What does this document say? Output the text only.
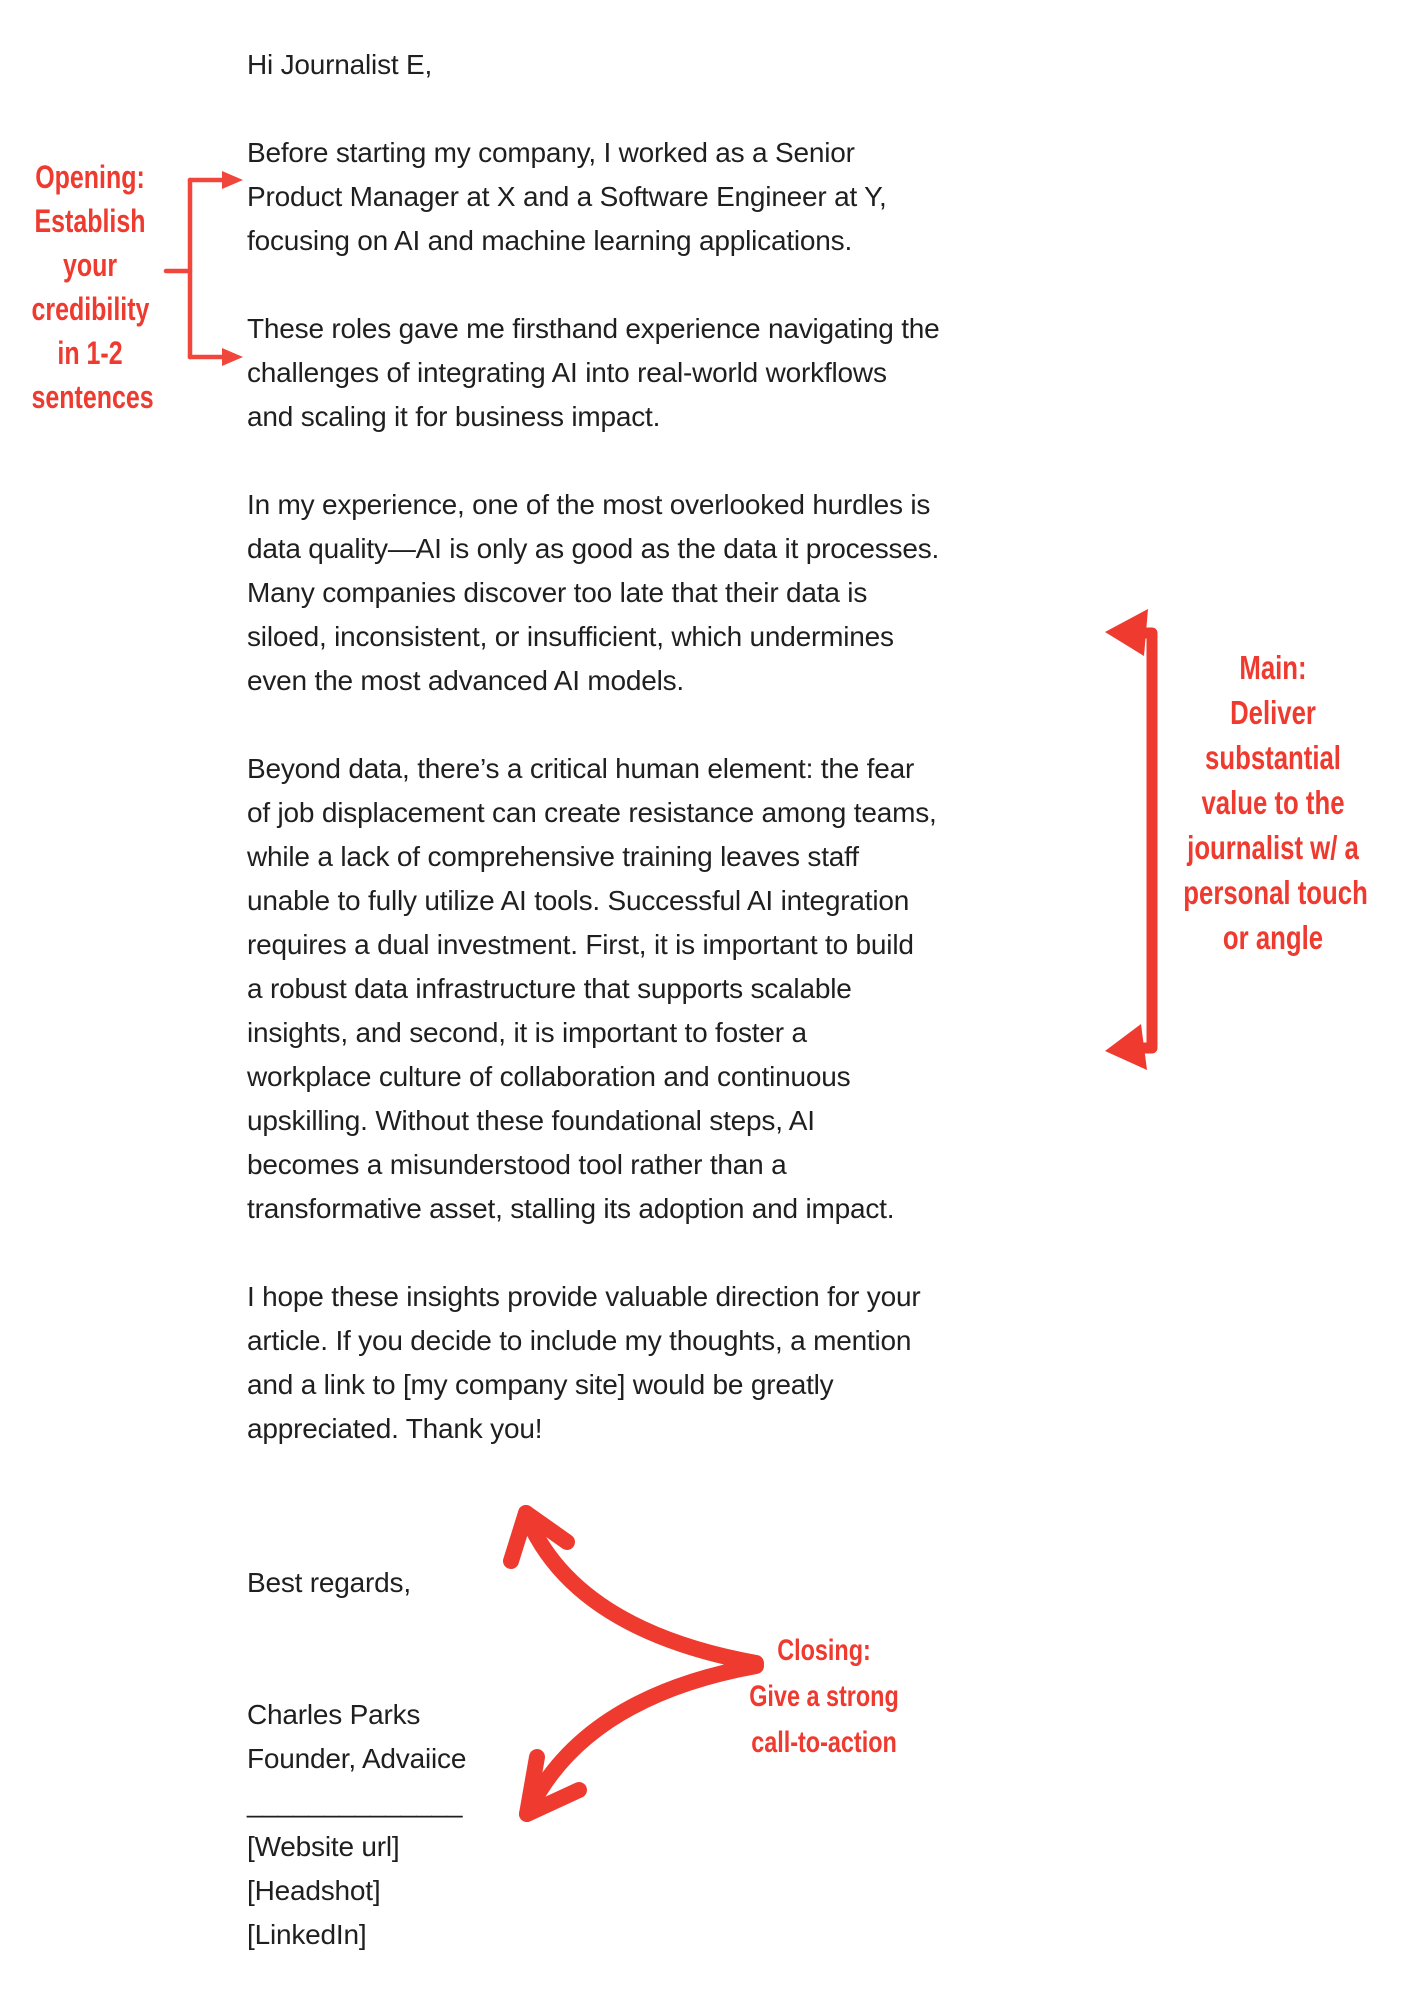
Hi Journalist E,
Before starting my company, I worked as a Senior
Product Manager at X and a Software Engineer at Y,
focusing on AI and machine learning applications.
These roles gave me firsthand experience navigating the
challenges of integrating AI into real-world workflows
and scaling it for business impact.
In my experience, one of the most overlooked hurdles is
data quality—AI is only as good as the data it processes.
Many companies discover too late that their data is
siloed, inconsistent, or insufficient, which undermines
even the most advanced AI models.
Beyond data, there’s a critical human element: the fear
of job displacement can create resistance among teams,
while a lack of comprehensive training leaves staff
unable to fully utilize AI tools. Successful AI integration
requires a dual investment. First, it is important to build
a robust data infrastructure that supports scalable
insights, and second, it is important to foster a
workplace culture of collaboration and continuous
upskilling. Without these foundational steps, AI
becomes a misunderstood tool rather than a
transformative asset, stalling its adoption and impact.
I hope these insights provide valuable direction for your
article. If you decide to include my thoughts, a mention
and a link to [my company site] would be greatly
appreciated. Thank you!
Best regards,
Charles Parks
Founder, Advaiice
______________
[Website url]
[Headshot]
[LinkedIn]
Opening:
Establish
your
credibility
in 1-2
sentences
Main:
Deliver
substantial
value to the
journalist w/ a
personal touch
or angle
Closing:
Give a strong
call-to-action
